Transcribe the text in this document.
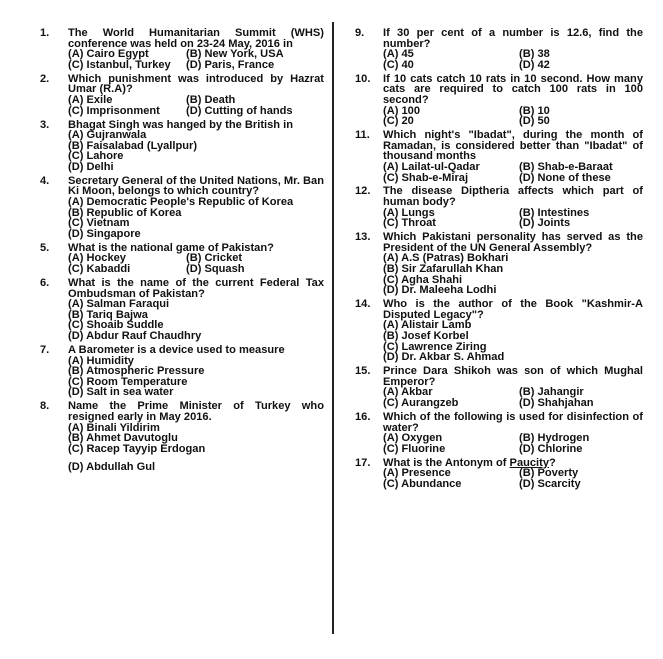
1. The World Humanitarian Summit (WHS) conference was held on 23-24 May, 2016 in
(A) Cairo Egypt	(B) New York, USA
(C) Istanbul, Turkey	(D) Paris, France
2. Which punishment was introduced by Hazrat Umar (R.A)?
(A) Exile	(B) Death
(C) Imprisonment	(D) Cutting of hands
3. Bhagat Singh was hanged by the British in
(A) Gujranwala
(B) Faisalabad (Lyallpur)
(C) Lahore
(D) Delhi
4. Secretary General of the United Nations, Mr. Ban Ki Moon, belongs to which country?
(A) Democratic People's Republic of Korea
(B) Republic of Korea
(C) Vietnam
(D) Singapore
5. What is the national game of Pakistan?
(A) Hockey	(B) Cricket
(C) Kabaddi	(D) Squash
6. What is the name of the current Federal Tax Ombudsman of Pakistan?
(A) Salman Faraqui
(B) Tariq Bajwa
(C) Shoaib Suddle
(D) Abdur Rauf Chaudhry
7. A Barometer is a device used to measure
(A) Humidity
(B) Atmospheric Pressure
(C) Room Temperature
(D) Salt in sea water
8. Name the Prime Minister of Turkey who resigned early in May 2016.
(A) Binali Yildirim
(B) Ahmet Davutoglu
(C) Racep Tayyip Erdogan
(D) Abdullah Gul
9. If 30 per cent of a number is 12.6, find the number?
(A) 45	(B) 38
(C) 40	(D) 42
10. If 10 cats catch 10 rats in 10 second. How many cats are required to catch 100 rats in 100 second?
(A) 100	(B) 10
(C) 20	(D) 50
11. Which night's "Ibadat", during the month of Ramadan, is considered better than "Ibadat" of thousand months
(A) Lailat-ul-Qadar	(B) Shab-e-Baraat
(C) Shab-e-Miraj	(D) None of these
12. The disease Diptheria affects which part of human body?
(A) Lungs	(B) Intestines
(C) Throat	(D) Joints
13. Which Pakistani personality has served as the President of the UN General Assembly?
(A) A.S (Patras) Bokhari
(B) Sir Zafarullah Khan
(C) Agha Shahi
(D) Dr. Maleeha Lodhi
14. Who is the author of the Book "Kashmir-A Disputed Legacy"?
(A) Alistair Lamb
(B) Josef Korbel
(C) Lawrence Ziring
(D) Dr. Akbar S. Ahmad
15. Prince Dara Shikoh was son of which Mughal Emperor?
(A) Akbar	(B) Jahangir
(C) Aurangzeb	(D) Shahjahan
16. Which of the following is used for disinfection of water?
(A) Oxygen	(B) Hydrogen
(C) Fluorine	(D) Chlorine
17. What is the Antonym of Paucity?
(A) Presence	(B) Poverty
(C) Abundance	(D) Scarcity
